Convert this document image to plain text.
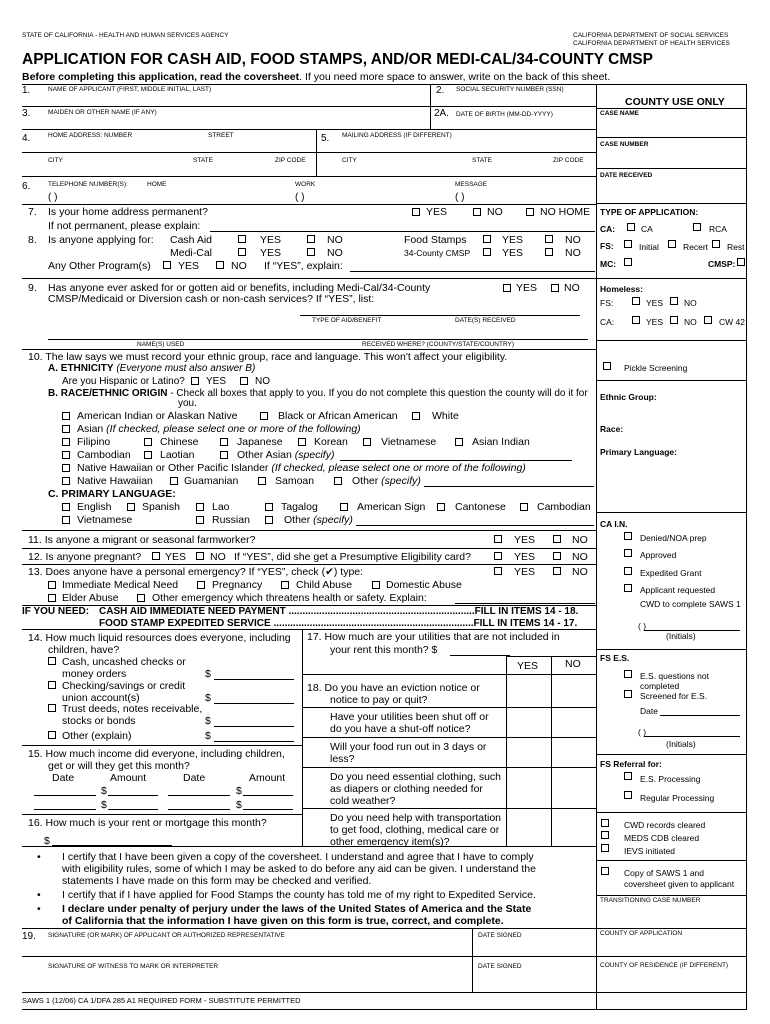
STATE OF CALIFORNIA - HEALTH AND HUMAN SERVICES AGENCY	CALIFORNIA DEPARTMENT OF SOCIAL SERVICES
CALIFORNIA DEPARTMENT OF HEALTH SERVICES
APPLICATION FOR CASH AID, FOOD STAMPS, AND/OR MEDI-CAL/34-COUNTY CMSP
Before completing this application, read the coversheet. If you need more space to answer, write on the back of this sheet.
1.	NAME OF APPLICANT (FIRST, MIDDLE INITIAL, LAST)	2. SOCIAL SECURITY NUMBER (SSN)
3.	MAIDEN OR OTHER NAME (IF ANY)	2A. DATE OF BIRTH (MM-DD-YYYY)
4.	HOME ADDRESS: NUMBER	STREET	5. MAILING ADDRESS (IF DIFFERENT)
CITY	STATE	ZIP CODE	CITY	STATE	ZIP CODE
6.	TELEPHONE NUMBER(S):	HOME	WORK	MESSAGE
( )	( )	( )
7. Is your home address permanent?	YES	NO	NO HOME
If not permanent, please explain:
8. Is anyone applying for: Cash Aid	YES	NO	Food Stamps	YES	NO
Medi-Cal	YES	NO	34-County CMSP	YES	NO
Any Other Program(s)	YES	NO If “YES”, explain:
9. Has anyone ever asked for or gotten aid or benefits, including Medi-Cal/34-County
CMSP/Medicaid or Diversion cash or non-cash services? If “YES”, list:
YES	NO
TYPE OF AID/BENEFIT	DATE(S) RECEIVED
NAME(S) USED	RECEIVED WHERE? (COUNTY/STATE/COUNTRY)
10. The law says we must record your ethnic group, race and language. This won't affect your eligibility.
A. ETHNICITY (Everyone must also answer B)
Are you Hispanic or Latino? YES	NO
B. RACE/ETHNIC ORIGIN - Check all boxes that apply to you. If you do not complete this question the county will do it for
you.
American Indian or Alaskan Native	Black or African American	White
Asian (If checked, please select one or more of the following)
Filipino	Chinese	Japanese	Korean	Vietnamese	Asian Indian
Cambodian	Laotian	Other Asian (specify)
Native Hawaiian or Other Pacific Islander (If checked, please select one or more of the following)
Native Hawaiian	Guamanian	Samoan	Other (specify)
C. PRIMARY LANGUAGE:
English	Spanish	Lao	Tagalog	American Sign	Cantonese	Cambodian
Vietnamese	Russian	Other (specify)
11. Is anyone a migrant or seasonal farmworker?	YES	NO
12. Is anyone pregnant? YES NO If “YES”, did she get a Presumptive Eligibility card?	YES	NO
13. Does anyone have a personal emergency? If “YES”, check (✔) type:	YES	NO
Immediate Medical Need	Pregnancy	Child Abuse	Domestic Abuse
Elder Abuse	Other emergency which threatens health or safety. Explain:
IF YOU NEED: CASH AID IMMEDIATE NEED PAYMENT ...................................................................FILL IN ITEMS 14 - 18.
FOOD STAMP EXPEDITED SERVICE ........................................................................FILL IN ITEMS 14 - 17.
14. How much liquid resources does everyone, including
children, have?
Cash, uncashed checks or
money orders	$
Checking/savings or credit
union account(s)	$
Trust deeds, notes receivable,
stocks or bonds	$
Other (explain)	$
15. How much income did everyone, including children,
get or will they get this month?
Date	Amount	Date	Amount
$	$
$	$
16. How much is your rent or mortgage this month?
$
17. How much are your utilities that are not included in
your rent this month? $
YES	NO
18. Do you have an eviction notice or
notice to pay or quit?
Have your utilities been shut off or
do you have a shut-off notice?
Will your food run out in 3 days or
less?
Do you need essential clothing, such
as diapers or clothing needed for
cold weather?
Do you need help with transportation
to get food, clothing, medical care or
other emergency item(s)?
• I certify that I have been given a copy of the coversheet. I understand and agree that I have to comply
with eligibility rules, some of which I may be asked to do before any aid can be given. I understand the
statements I have made on this form may be checked and verified.
• I certify that if I have applied for Food Stamps the county has told me of my right to Expedited Service.
• I declare under penalty of perjury under the laws of the United States of America and the State
of California that the information I have given on this form is true, correct, and complete.
19. SIGNATURE (OR MARK) OF APPLICANT OR AUTHORIZED REPRESENTATIVE	DATE SIGNED
SIGNATURE OF WITNESS TO MARK OR INTERPRETER	DATE SIGNED
SAWS 1 (12/06) CA 1/DFA 285 A1 REQUIRED FORM - SUBSTITUTE PERMITTED
COUNTY USE ONLY
CASE NAME
CASE NUMBER
DATE RECEIVED
TYPE OF APPLICATION:
CA:	CA	RCA
FS:	Initial	Recert Rest
MC:	CMSP:
Homeless:
FS:	YES NO
CA:	YES NO	CW 42
Pickle Screening
Ethnic Group:
Race:
Primary Language:
CA I.N.
Denied/NOA prep
Approved
Expedited Grant
Applicant requested
CWD to complete SAWS 1
( )
(Initials)
FS E.S.
E.S. questions not
completed
Screened for E.S.
Date
( )
(Initials)
FS Referral for:
E.S. Processing
Regular Processing
CWD records cleared
MEDS CDB cleared
IEVS initiated
Copy of SAWS 1 and
coversheet given to applicant
TRANSITIONING CASE NUMBER
COUNTY OF APPLICATION
COUNTY OF RESIDENCE (IF DIFFERENT)
